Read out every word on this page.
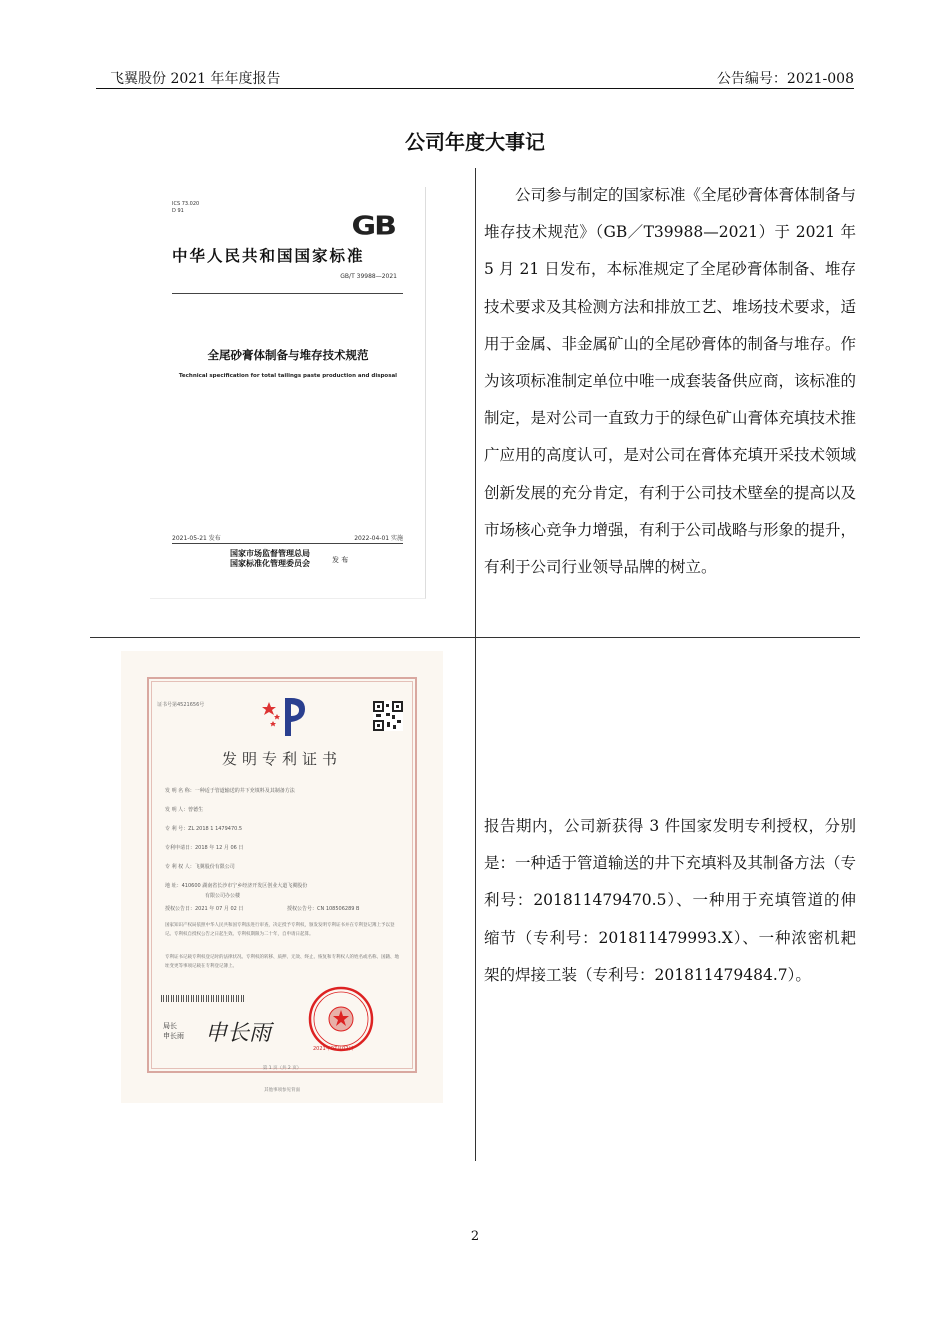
飞翼股份 2021 年年度报告	公告编号：2021-008
公司年度大事记
ICS 73.020
D 91
GB
中华人民共和国国家标准
GB/T 39988—2021
全尾砂膏体制备与堆存技术规范
Technical specification for total tailings paste production and disposal
2021-05-21 发布	2022-04-01 实施
国家市场监督管理总局
国家标准化管理委员会	发 布
公司参与制定的国家标准《全尾砂膏体膏体制备与堆存技术规范》（GB／T39988—2021）于 2021 年 5 月 21 日发布，本标准规定了全尾砂膏体制备、堆存技术要求及其检测方法和排放工艺、堆场技术要求，适用于金属、非金属矿山的全尾砂膏体的制备与堆存。作为该项标准制定单位中唯一成套装备供应商，该标准的制定，是对公司一直致力于的绿色矿山膏体充填技术推广应用的高度认可，是对公司在膏体充填开采技术领域创新发展的充分肯定，有利于公司技术壁垒的提高以及市场核心竞争力增强，有利于公司战略与形象的提升，有利于公司行业领导品牌的树立。
证书号第4521656号
发明专利证书
发 明 名 称：一种适于管道输送的井下充填料及其制备方法
发 明 人：曾德生
专 利 号：ZL 2018 1 1479470.5
专利申请日：2018 年 12 月 06 日
专 利 权 人：飞翼股份有限公司
地 址：410600 湖南省长沙市宁乡经济开发区创业大道飞翼股份
有限公司办公楼
授权公告日：2021 年 07 月 02 日	授权公告号：CN 108506289 B
国家知识产权局依照中华人民共和国专利法进行审查，决定授予专利权，颁发发明专利证书并在专利登记簿上予以登记。专利权自授权公告之日起生效。专利权期限为二十年，自申请日起算。
专利证书记载专利权登记时的法律状况。专利权的转移、质押、无效、终止、恢复和专利权人的姓名或名称、国籍、地址变更等事项记载在专利登记簿上。
局长
申长雨 申长雨
2021年07月02日
第 1 页（共 2 页）
其他事项参见背面
报告期内，公司新获得 3 件国家发明专利授权，分别是：一种适于管道输送的井下充填料及其制备方法（专利号：201811479470.5）、一种用于充填管道的伸缩节（专利号：201811479993.X）、一种浓密机耙架的焊接工装（专利号：201811479484.7）。
2
